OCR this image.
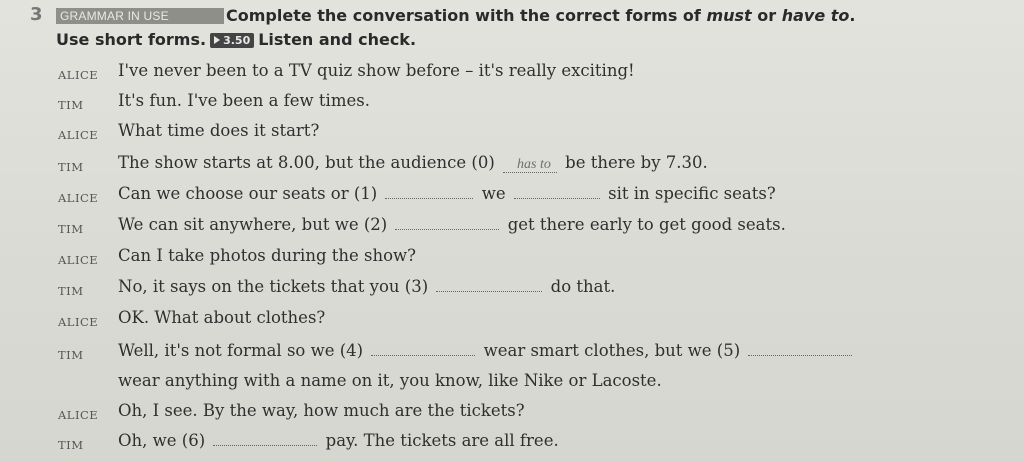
3	GRAMMAR IN USE	Complete the conversation with the correct forms of must or have to.
Use short forms. 3.50 Listen and check.
ALICE I've never been to a TV quiz show before – it's really exciting!
TIM It's fun. I've been a few times.
ALICE What time does it start?
TIM The show starts at 8.00, but the audience (0) has to be there by 7.30.
ALICE Can we choose our seats or (1)	we	sit in specific seats?
TIM We can sit anywhere, but we (2)	get there early to get good seats.
ALICE Can I take photos during the show?
TIM No, it says on the tickets that you (3)	do that.
ALICE OK. What about clothes?
TIM Well, it's not formal so we (4)	wear smart clothes, but we (5)
wear anything with a name on it, you know, like Nike or Lacoste.
ALICE Oh, I see. By the way, how much are the tickets?
TIM Oh, we (6)	pay. The tickets are all free.
